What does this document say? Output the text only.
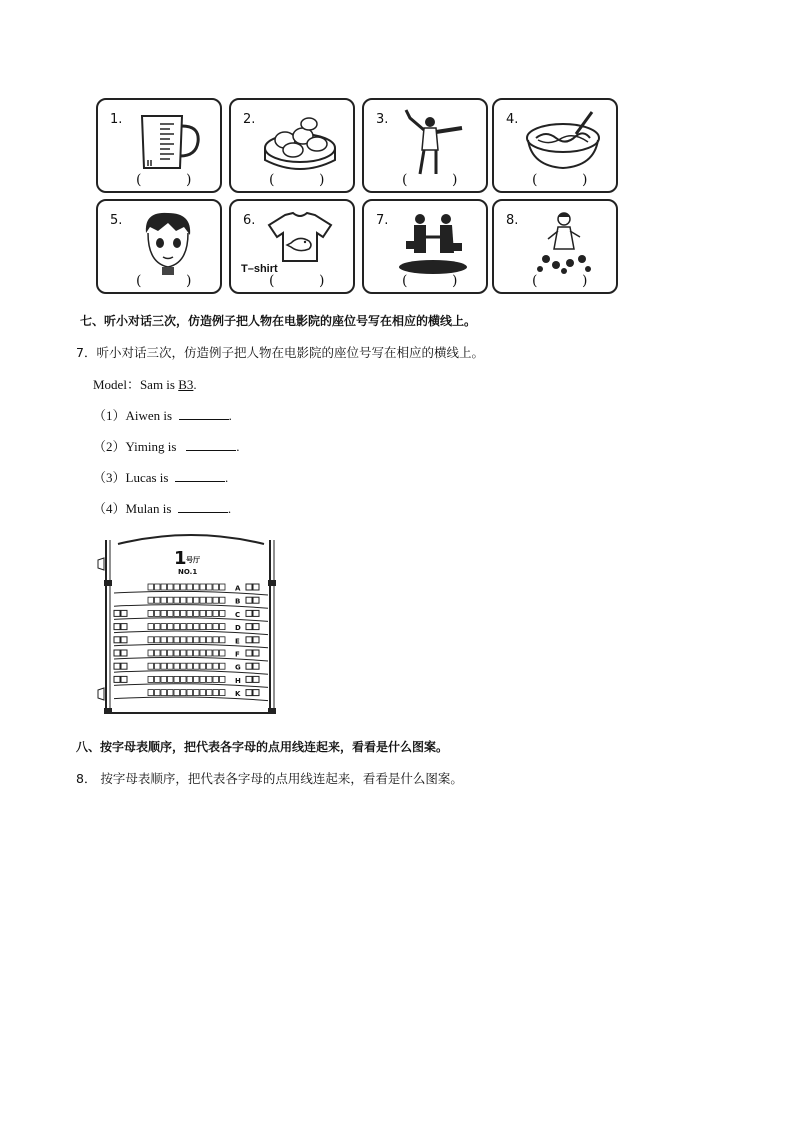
1.
(          )
2.
(          )
3.
(          )
4.
(          )
5.
(          )
6.
T–shirt
(          )
7.
(          )
8.
(          )
七、听小对话三次，仿造例子把人物在电影院的座位号写在相应的横线上。
7．听小对话三次，仿造例子把人物在电影院的座位号写在相应的横线上。
Model：Sam is B3.
（1）Aiwen is	.
（2）Yiming is	.
（3）Lucas is	.
（4）Mulan is	.
1 号厅
NO.1
A
B
C
D
E
F
G
H
K
八、按字母表顺序，把代表各字母的点用线连起来，看看是什么图案。
8． 按字母表顺序，把代表各字母的点用线连起来，看看是什么图案。
